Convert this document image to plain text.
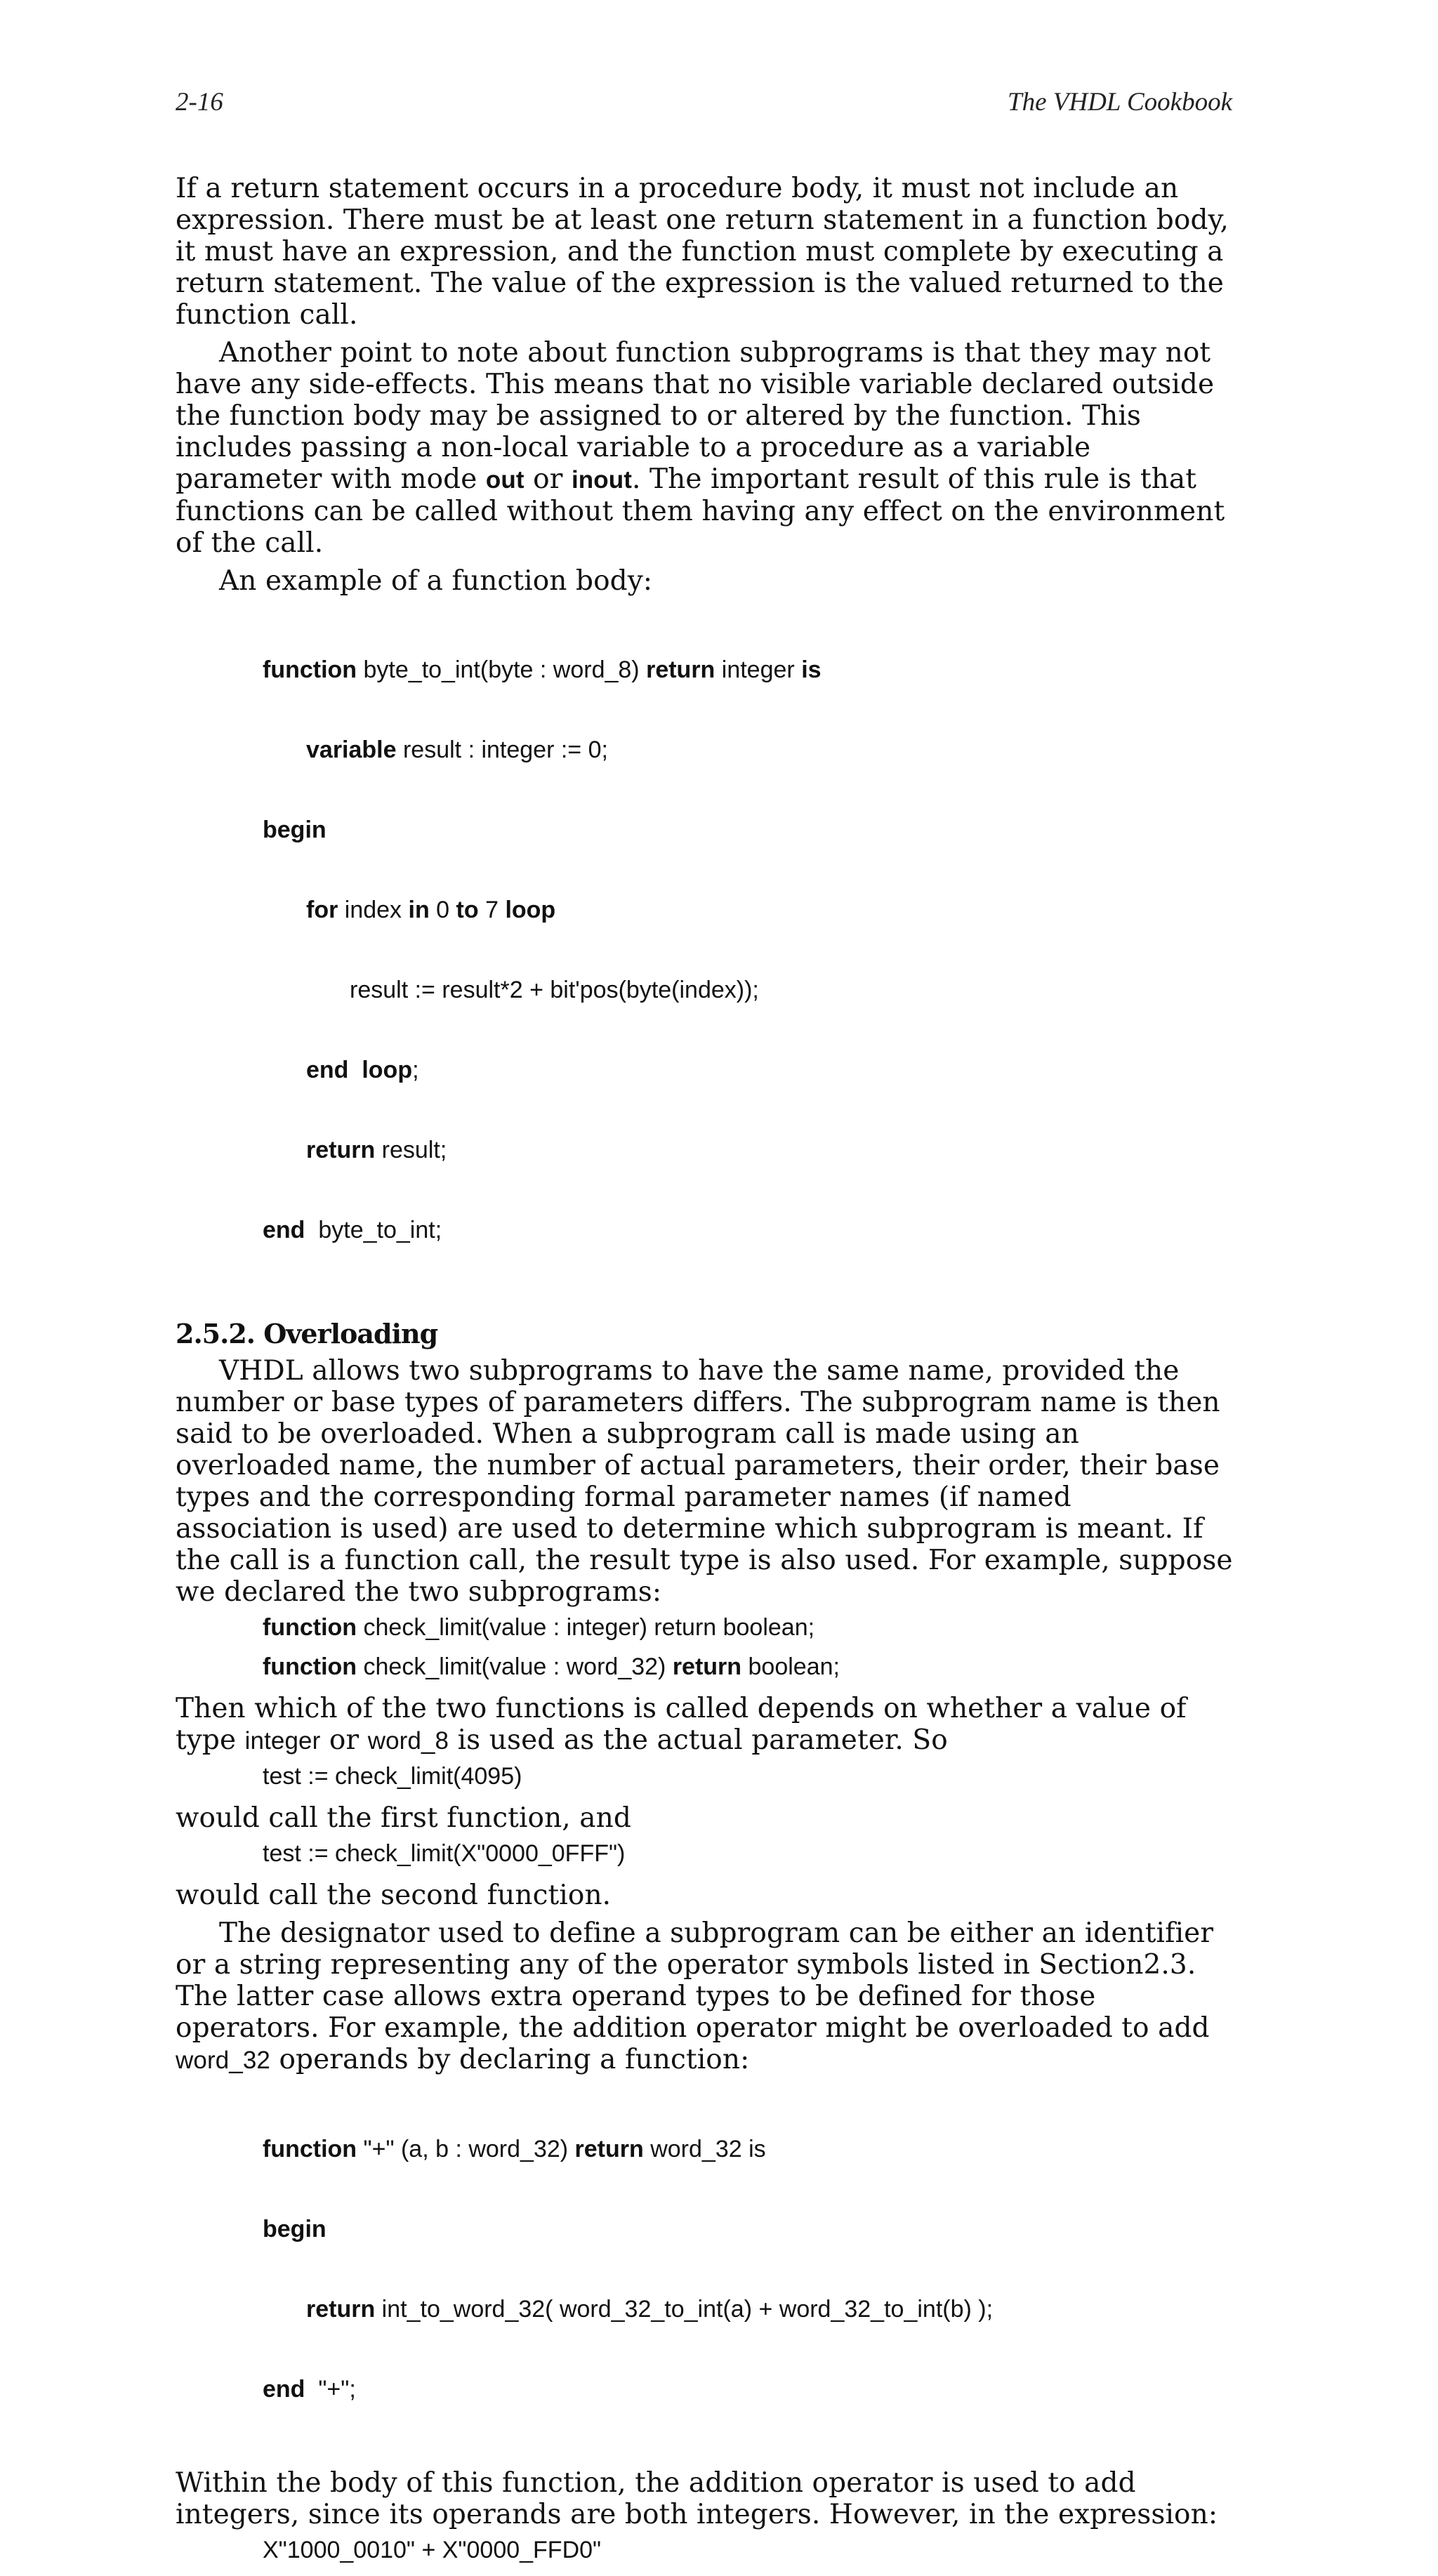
2-16	The VHDL Cookbook

If a return statement occurs in a procedure body, it must not include an expression. There must be at least one return statement in a function body, it must have an expression, and the function must complete by executing a return statement. The value of the expression is the valued returned to the function call.

Another point to note about function subprograms is that they may not have any side-effects. This means that no visible variable declared outside the function body may be assigned to or altered by the function. This includes passing a non-local variable to a procedure as a variable parameter with mode out or inout. The important result of this rule is that functions can be called without them having any effect on the environment of the call.

An example of a function body:

function byte_to_int(byte : word_8) return integer is

variable result : integer := 0;

begin

for index in 0 to 7 loop

result := result*2 + bit'pos(byte(index));

end  loop;

return result;

end  byte_to_int;

2.5.2. Overloading

VHDL allows two subprograms to have the same name, provided the number or base types of parameters differs. The subprogram name is then said to be overloaded. When a subprogram call is made using an overloaded name, the number of actual parameters, their order, their base types and the corresponding formal parameter names (if named association is used) are used to determine which subprogram is meant. If the call is a function call, the result type is also used. For example, suppose we declared the two subprograms:

function check_limit(value : integer) return boolean;
function check_limit(value : word_32) return boolean;

Then which of the two functions is called depends on whether a value of type integer or word_8 is used as the actual parameter. So

test := check_limit(4095)

would call the first function, and

test := check_limit(X"0000_0FFF")

would call the second function.

The designator used to define a subprogram can be either an identifier or a string representing any of the operator symbols listed in Section2.3. The latter case allows extra operand types to be defined for those operators. For example, the addition operator might be overloaded to add word_32 operands by declaring a function:

function "+" (a, b : word_32) return word_32 is

begin

return int_to_word_32( word_32_to_int(a) + word_32_to_int(b) );

end  "+";

Within the body of this function, the addition operator is used to add integers, since its operands are both integers. However, in the expression:

X"1000_0010" + X"0000_FFD0"
